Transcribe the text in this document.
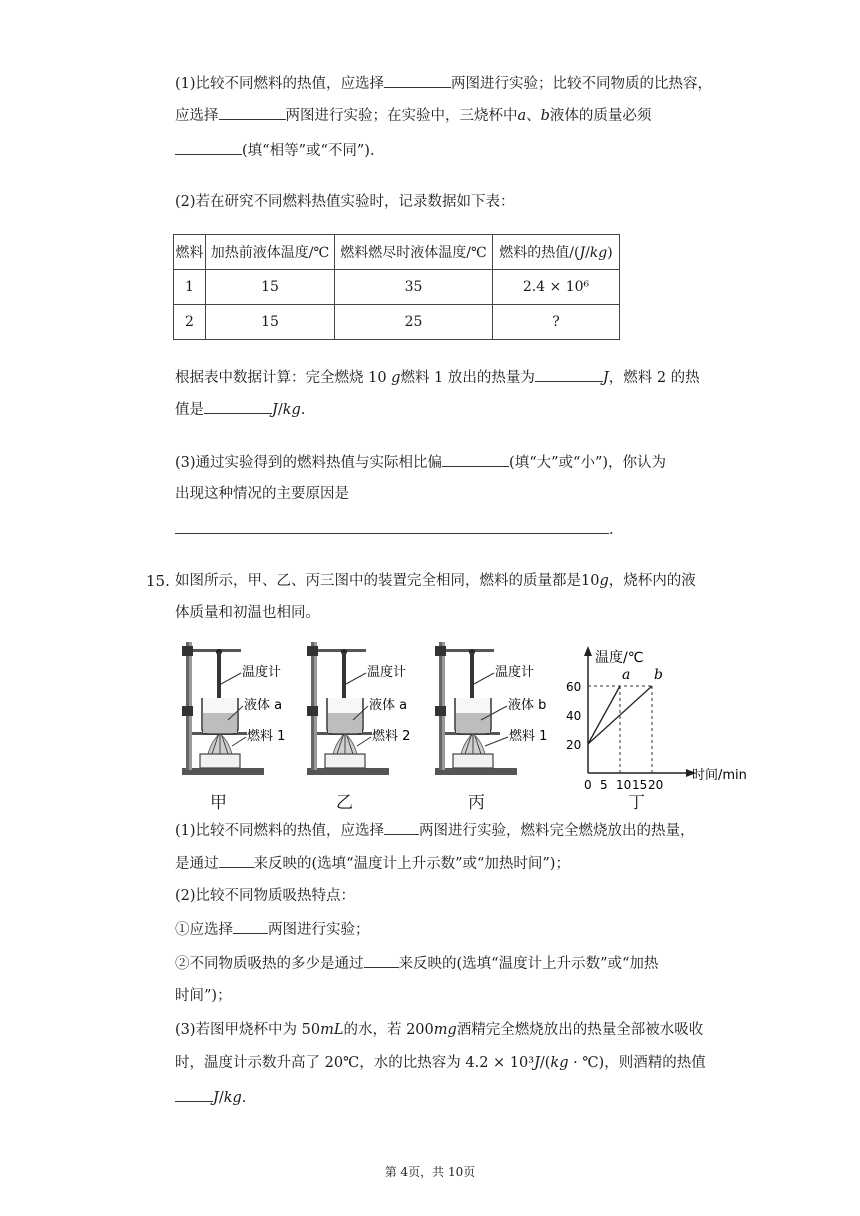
(1)比较不同燃料的热值，应选择	两图进行实验；比较不同物质的比热容，
应选择	两图进行实验；在实验中，三烧杯中𝑎、𝑏液体的质量必须
(填“相等”或“不同”).
(2)若在研究不同燃料热值实验时，记录数据如下表：
燃料	加热前液体温度/℃	燃料燃尽时液体温度/℃	燃料的热值/(𝐽/𝑘𝑔)
1	15	35	2.4 × 10⁶
2	15	25	?
根据表中数据计算：完全燃烧 10 𝑔燃料 1 放出的热量为	𝐽，燃料 2 的热
值是	𝐽/𝑘𝑔.
(3)通过实验得到的燃料热值与实际相比偏	(填“大”或“小”)，你认为
出现这种情况的主要原因是
.
15. 如图所示，甲、乙、丙三图中的装置完全相同，燃料的质量都是10𝑔，烧杯内的液
体质量和初温也相同。
温度计
液体 a
燃料 1
温度计
液体 a
燃料 2
温度计
液体 b
燃料 1
温度/℃
时间/min
20
40
60
0 5 10 15 20
a b
甲	乙	丙	丁
(1)比较不同燃料的热值，应选择 两图进行实验，燃料完全燃烧放出的热量，
是通过 来反映的(选填“温度计上升示数”或“加热时间”)；
(2)比较不同物质吸热特点：
①应选择 两图进行实验；
②不同物质吸热的多少是通过 来反映的(选填“温度计上升示数”或“加热
时间”)；
(3)若图甲烧杯中为 50𝑚𝐿的水，若 200𝑚𝑔酒精完全燃烧放出的热量全部被水吸收
时，温度计示数升高了 20℃，水的比热容为 4.2 × 10³𝐽/(𝑘𝑔 · ℃)，则酒精的热值
𝐽/𝑘𝑔.
第 4页，共 10页
